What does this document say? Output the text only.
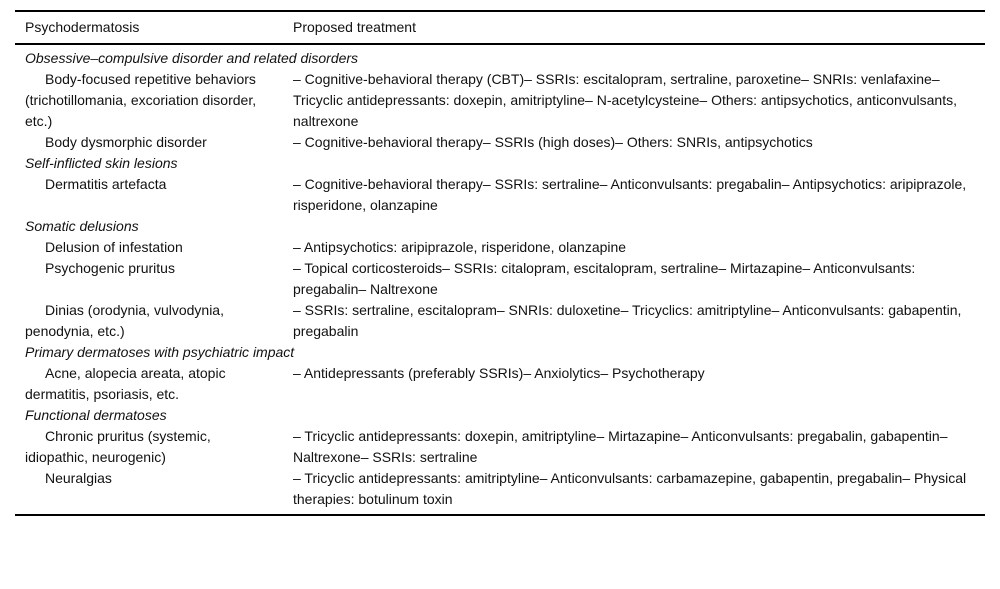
Psychodermatosis	Proposed treatment
Obsessive–compulsive disorder and related disorders	
Body-focused repetitive behaviors (trichotillomania, excoriation disorder, etc.)	– Cognitive-behavioral therapy (CBT)– SSRIs: escitalopram, sertraline, paroxetine– SNRIs: venlafaxine– Tricyclic antidepressants: doxepin, amitriptyline– N-acetylcysteine– Others: antipsychotics, anticonvulsants, naltrexone
Body dysmorphic disorder	– Cognitive-behavioral therapy– SSRIs (high doses)– Others: SNRIs, antipsychotics
Self-inflicted skin lesions	
Dermatitis artefacta	– Cognitive-behavioral therapy– SSRIs: sertraline– Anticonvulsants: pregabalin– Antipsychotics: aripiprazole, risperidone, olanzapine
Somatic delusions	
Delusion of infestation	– Antipsychotics: aripiprazole, risperidone, olanzapine
Psychogenic pruritus	– Topical corticosteroids– SSRIs: citalopram, escitalopram, sertraline– Mirtazapine– Anticonvulsants: pregabalin– Naltrexone
Dinias (orodynia, vulvodynia, penodynia, etc.)	– SSRIs: sertraline, escitalopram– SNRIs: duloxetine– Tricyclics: amitriptyline– Anticonvulsants: gabapentin, pregabalin
Primary dermatoses with psychiatric impact	
Acne, alopecia areata, atopic dermatitis, psoriasis, etc.	– Antidepressants (preferably SSRIs)– Anxiolytics– Psychotherapy
Functional dermatoses	
Chronic pruritus (systemic, idiopathic, neurogenic)	– Tricyclic antidepressants: doxepin, amitriptyline– Mirtazapine– Anticonvulsants: pregabalin, gabapentin– Naltrexone– SSRIs: sertraline
Neuralgias	– Tricyclic antidepressants: amitriptyline– Anticonvulsants: carbamazepine, gabapentin, pregabalin– Physical therapies: botulinum toxin
